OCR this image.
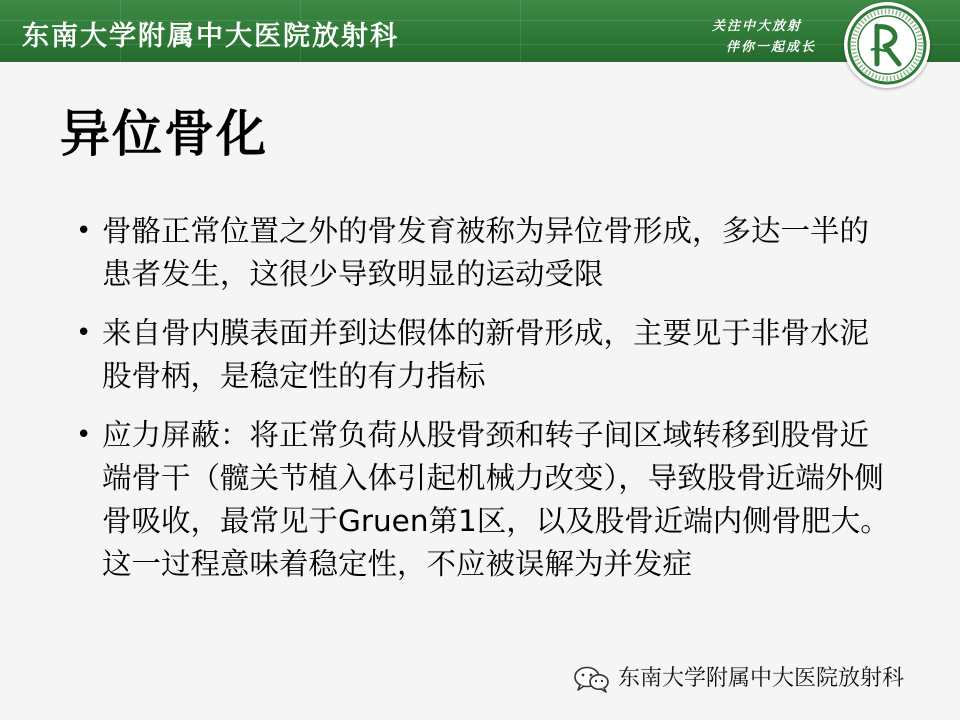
东南大学附属中大医院放射科	关注中大放射
伴你一起成长
异位骨化
• 骨骼正常位置之外的骨发育被称为异位骨形成，多达一半的患者发生，这很少导致明显的运动受限
• 来自骨内膜表面并到达假体的新骨形成，主要见于非骨水泥股骨柄，是稳定性的有力指标
• 应力屏蔽：将正常负荷从股骨颈和转子间区域转移到股骨近端骨干（髋关节植入体引起机械力改变），导致股骨近端外侧骨吸收，最常见于Gruen第1区，以及股骨近端内侧骨肥大。这一过程意味着稳定性，不应被误解为并发症
东南大学附属中大医院放射科
